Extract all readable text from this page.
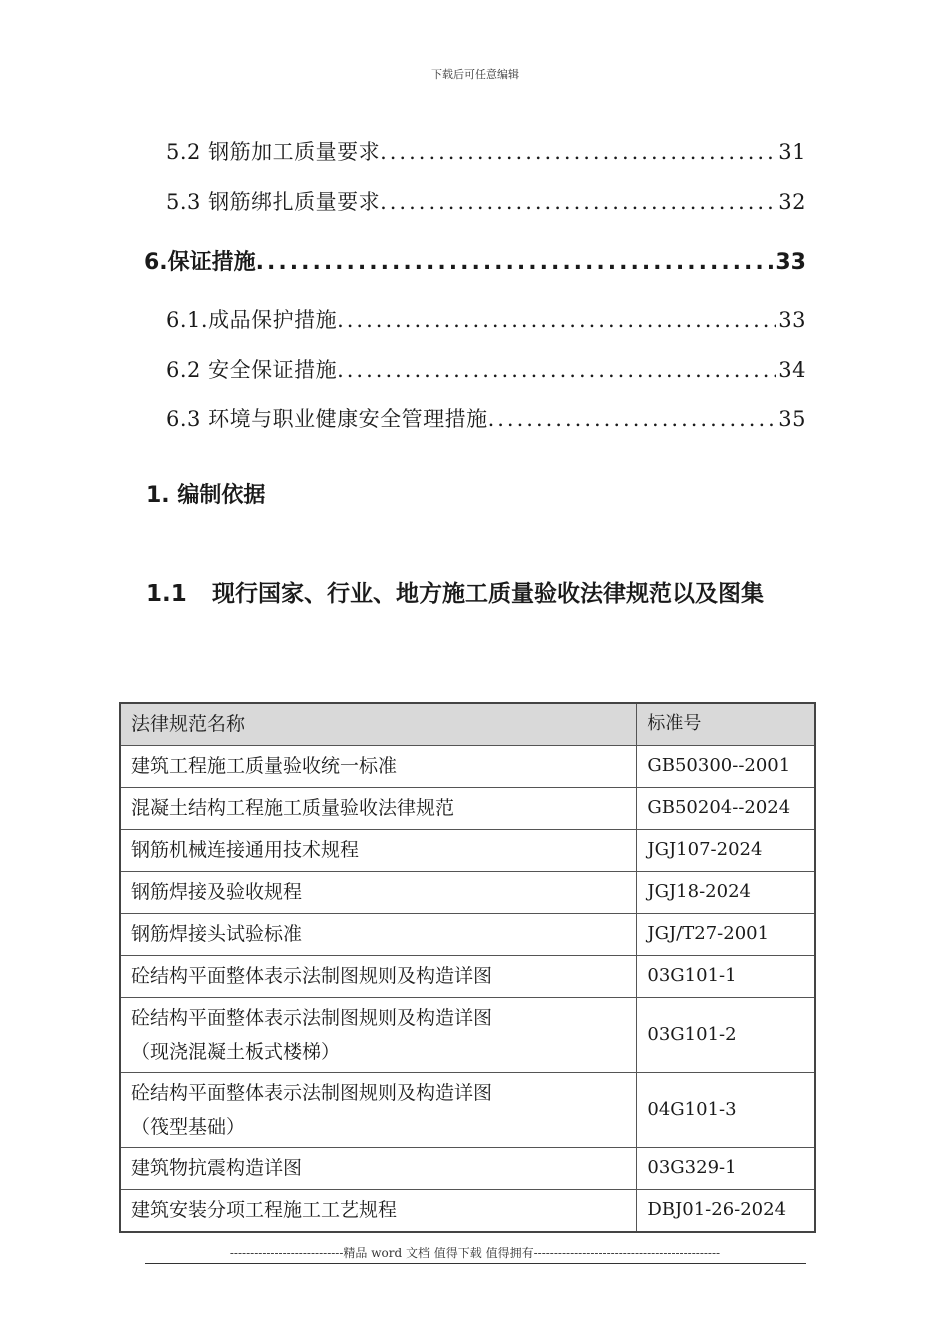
下载后可任意编辑
5.2 钢筋加工质量要求 .....	31
5.3 钢筋绑扎质量要求 .....	32
6.保证措施 .....	33
6.1.成品保护措施 .....	33
6.2 安全保证措施 .....	34
6.3 环境与职业健康安全管理措施 .....	35
1. 编制依据
1.1 现行国家、行业、地方施工质量验收法律规范以及图集
法律规范名称	标准号
建筑工程施工质量验收统一标准	GB50300--2001
混凝土结构工程施工质量验收法律规范	GB50204--2024
钢筋机械连接通用技术规程	JGJ107-2024
钢筋焊接及验收规程	JGJ18-2024
钢筋焊接头试验标准	JGJ/T27-2001
砼结构平面整体表示法制图规则及构造详图	03G101-1

砼结构平面整体表示法制图规则及构造详图
（现浇混凝土板式楼梯）	03G101-2

砼结构平面整体表示法制图规则及构造详图
（筏型基础）	04G101-3
建筑物抗震构造详图	03G329-1
建筑安装分项工程施工工艺规程	DBJ01-26-2024
----------------------------精品 word 文档 值得下载 值得拥有----------------------------------------------
